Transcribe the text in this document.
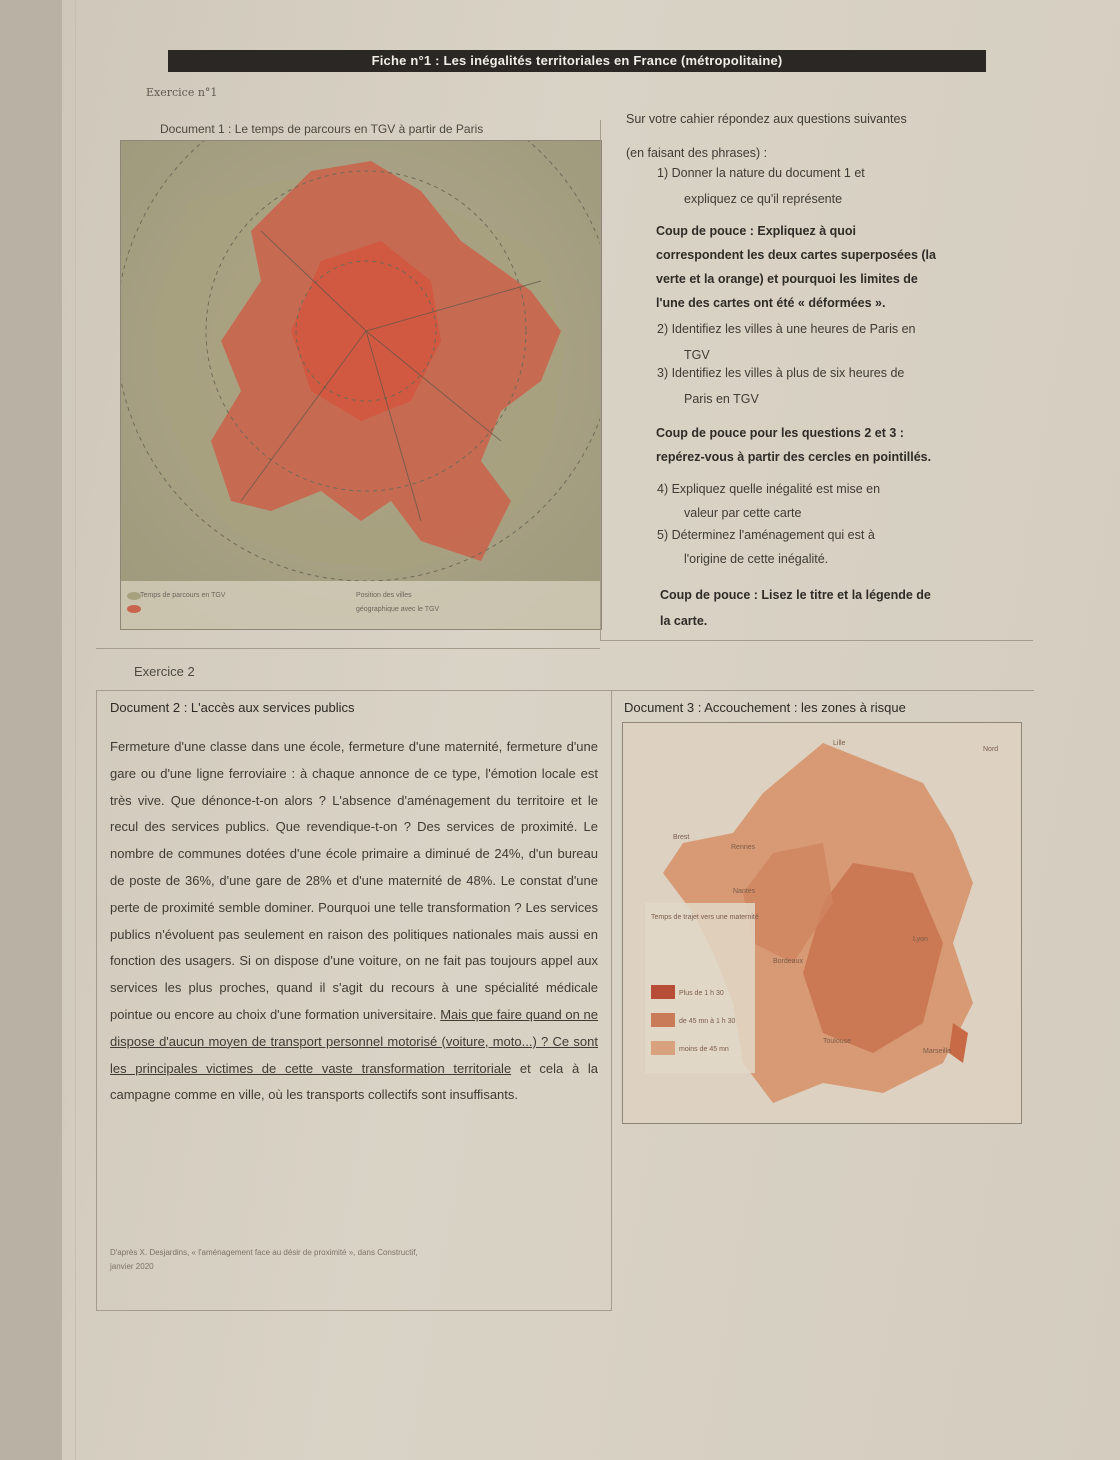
Fiche n°1 : Les inégalités territoriales en France (métropolitaine)
Exercice n°1
Document 1 : Le temps de parcours en TGV à partir de Paris
Temps de parcours en TGV	Position des villes
géographique avec le TGV
Sur votre cahier répondez aux questions suivantes
(en faisant des phrases) :
1) Donner la nature du document 1 et
expliquez ce qu'il représente
Coup de pouce : Expliquez à quoi
correspondent les deux cartes superposées (la
verte et la orange) et pourquoi les limites de
l'une des cartes ont été « déformées ».
2) Identifiez les villes à une heures de Paris en
TGV
3) Identifiez les villes à plus de six heures de
Paris en TGV
Coup de pouce pour les questions 2 et 3 :
repérez-vous à partir des cercles en pointillés.
4) Expliquez quelle inégalité est mise en
valeur par cette carte
5) Déterminez l'aménagement qui est à
l'origine de cette inégalité.
Coup de pouce : Lisez le titre et la légende de
la carte.
Exercice 2
Document 2 : L'accès aux services publics
Fermeture d'une classe dans une école, fermeture d'une maternité, fermeture d'une gare ou d'une ligne ferroviaire : à chaque annonce de ce type, l'émotion locale est très vive. Que dénonce-t-on alors ? L'absence d'aménagement du territoire et le recul des services publics. Que revendique-t-on ? Des services de proximité. Le nombre de communes dotées d'une école primaire a diminué de 24%, d'un bureau de poste de 36%, d'une gare de 28% et d'une maternité de 48%. Le constat d'une perte de proximité semble dominer. Pourquoi une telle transformation ? Les services publics n'évoluent pas seulement en raison des politiques nationales mais aussi en fonction des usagers. Si on dispose d'une voiture, on ne fait pas toujours appel aux services les plus proches, quand il s'agit du recours à une spécialité médicale pointue ou encore au choix d'une formation universitaire. Mais que faire quand on ne dispose d'aucun moyen de transport personnel motorisé (voiture, moto...) ? Ce sont les principales victimes de cette vaste transformation territoriale et cela à la campagne comme en ville, où les transports collectifs sont insuffisants.
D'après X. Desjardins, « l'aménagement face au désir de proximité », dans Constructif,
janvier 2020
Document 3 : Accouchement : les zones à risque
Lille
Nord
Brest
Rennes
Nantes
Lyon
Bordeaux
Toulouse
Marseille
Temps de trajet vers une maternité
Plus de 1 h 30
de 45 mn à 1 h 30
moins de 45 mn
